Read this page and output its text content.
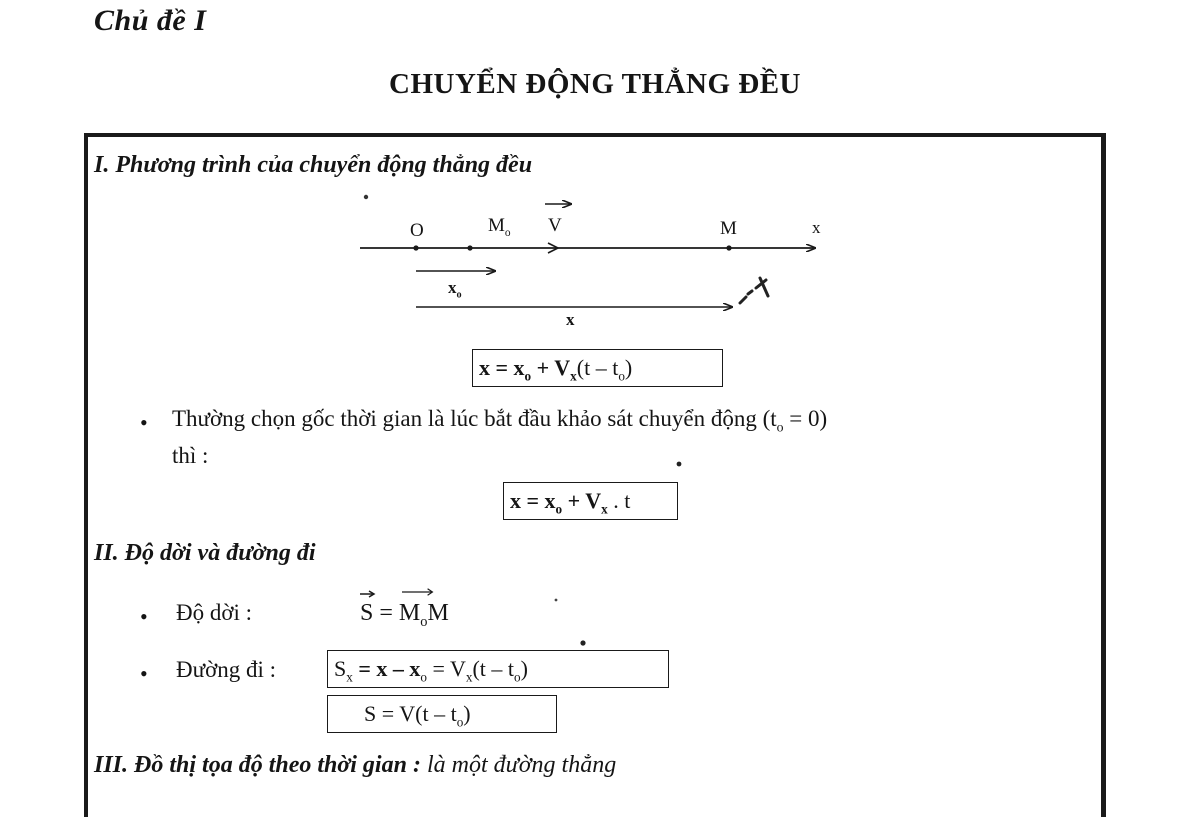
Chủ đề I
CHUYỂN ĐỘNG THẲNG ĐỀU
I. Phương trình của chuyển động thẳng đều
O	$M_o$ V	M	x
$x_o$
x
$x = x_o + V_x(t - t_o)$
• Thường chọn gốc thời gian là lúc bắt đầu khảo sát chuyển động $(t_o = 0)$
thì :
$x = x_o + V_x$ . t
II. Độ dời và đường đi
• Độ dời :	S
= $M_oM$
• Đường đi :	$S_x = x - x_o = V_x(t - t_o)$
$S = V(t - t_o)$
III. Đồ thị tọa độ theo thời gian : là một đường thẳng
